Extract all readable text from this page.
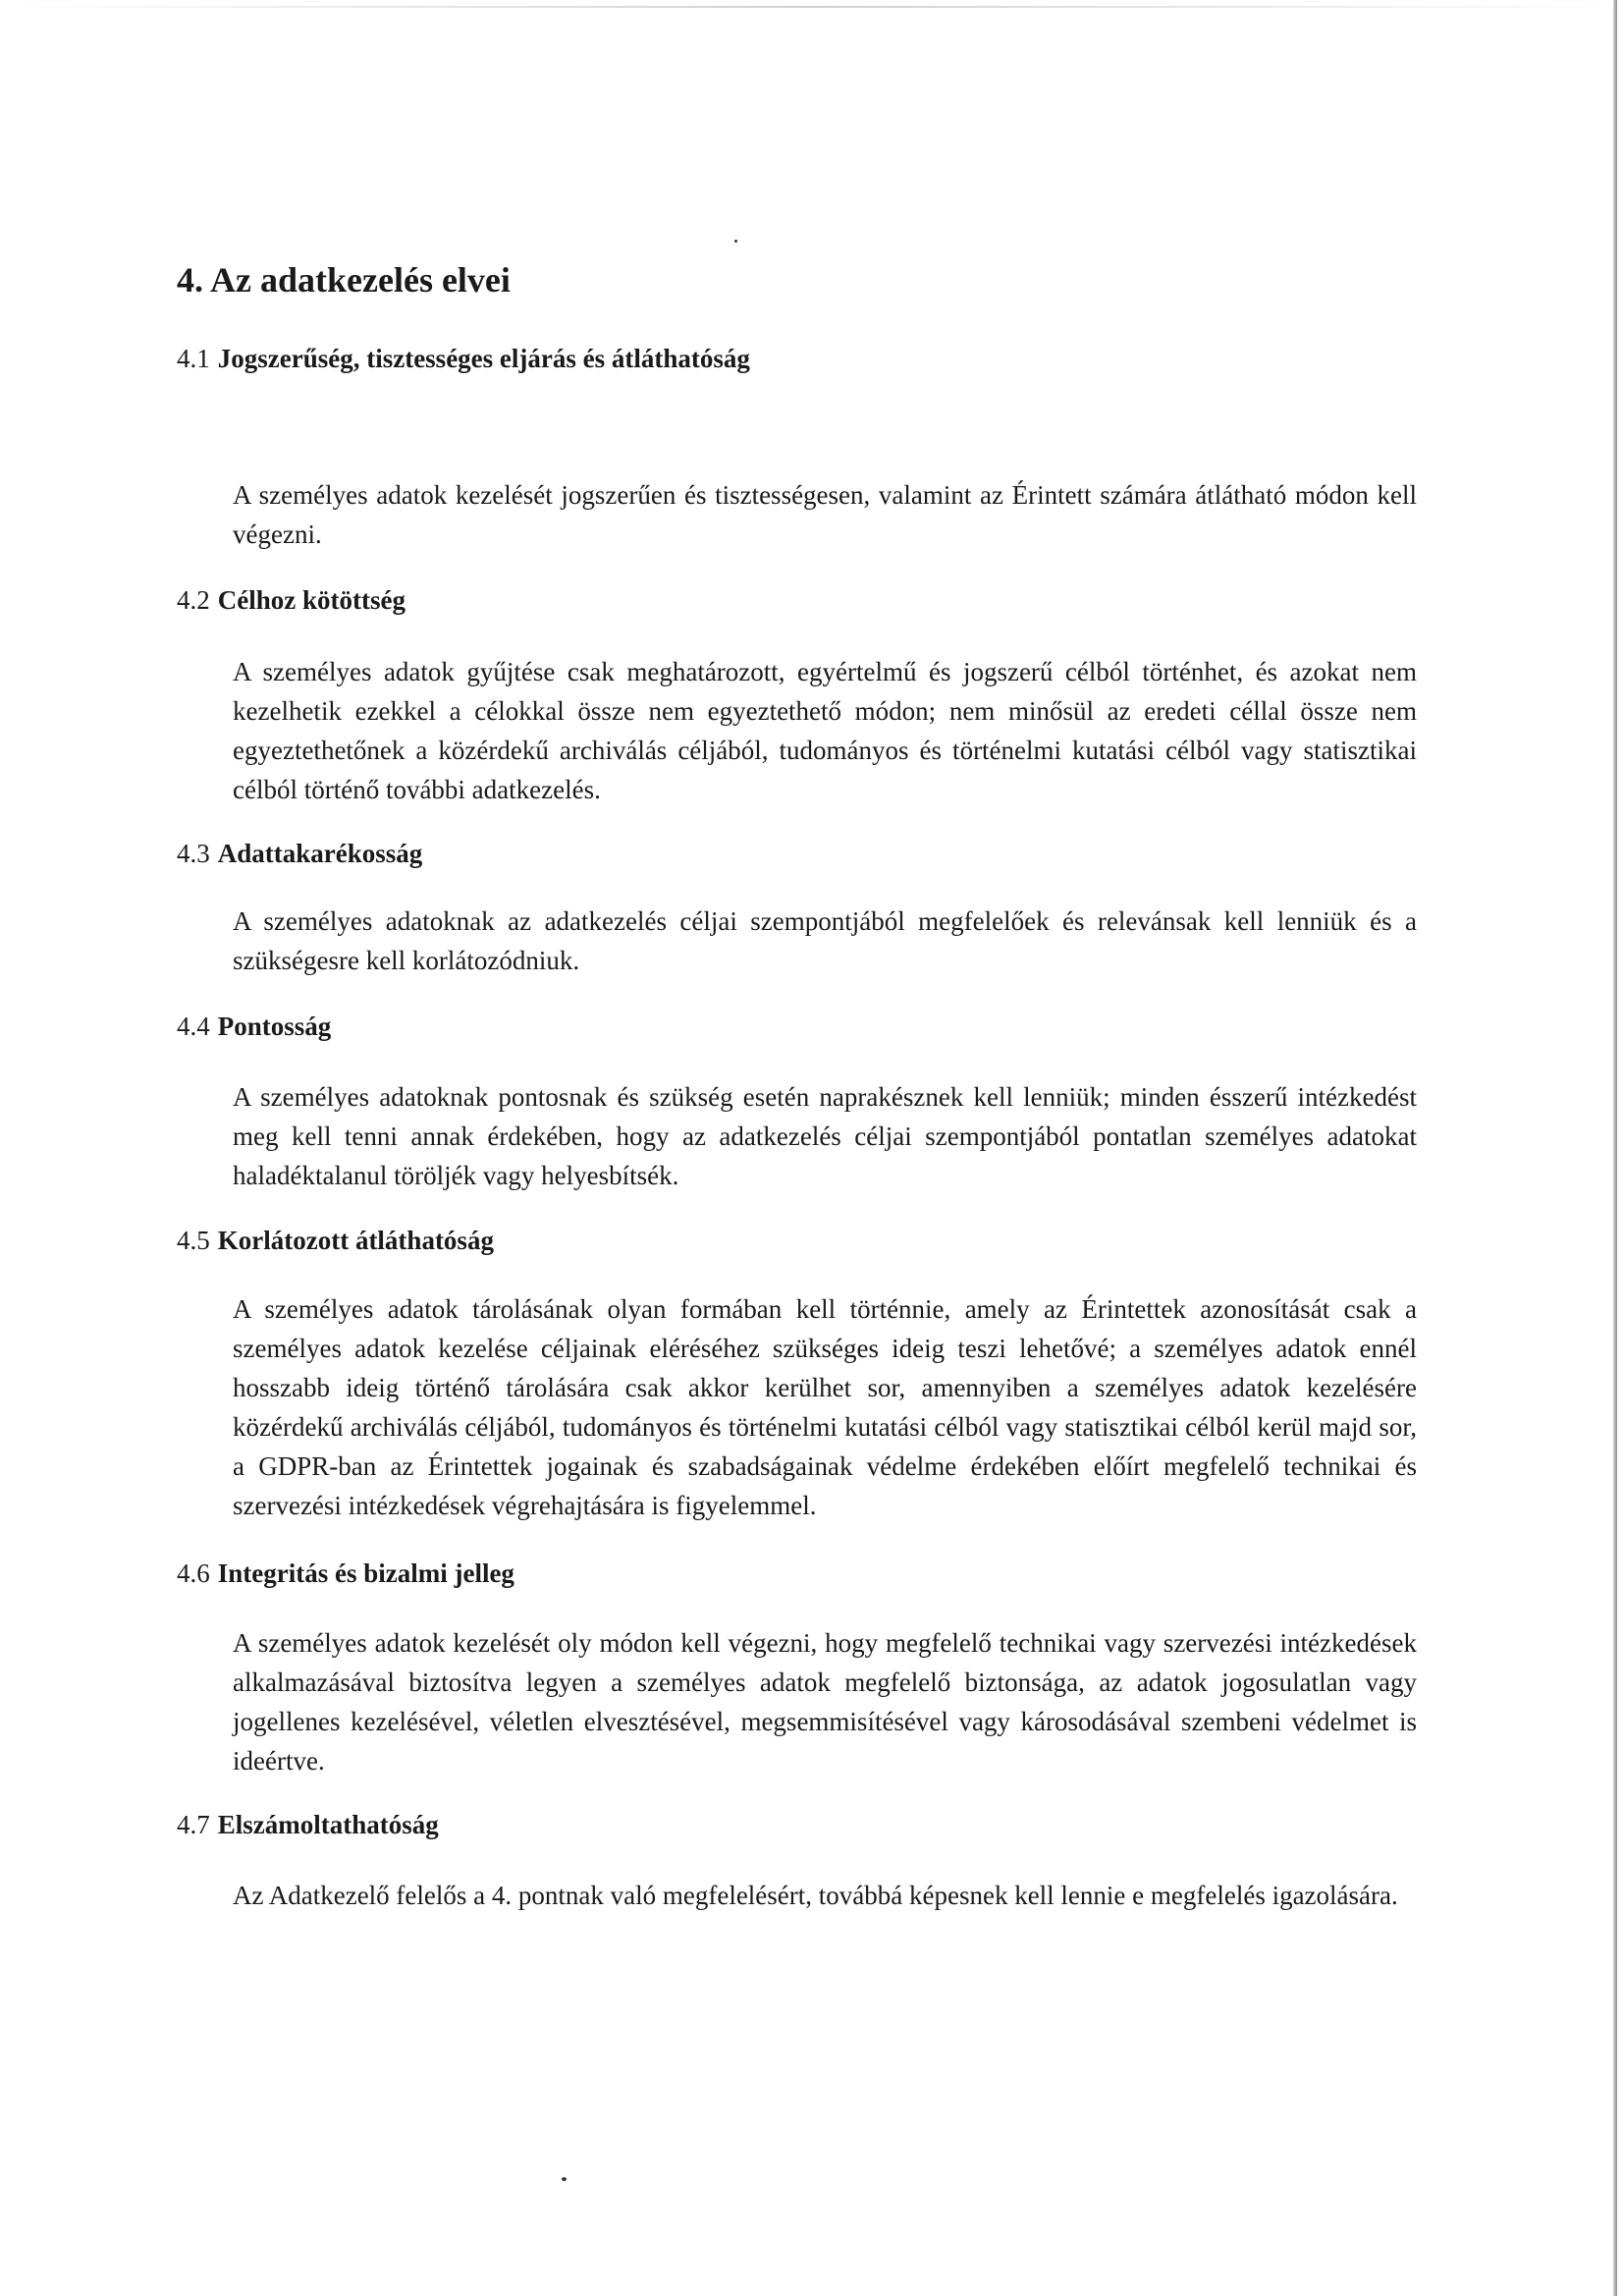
4. Az adatkezelés elvei
4.1 Jogszerűség, tisztességes eljárás és átláthatóság

A személyes adatok kezelését jogszerűen és tisztességesen, valamint az Érintett számára átlátható módon kell végezni.

4.2 Célhoz kötöttség

A személyes adatok gyűjtése csak meghatározott, egyértelmű és jogszerű célból történhet, és azokat nem kezelhetik ezekkel a célokkal össze nem egyeztethető módon; nem minősül az eredeti céllal össze nem egyeztethetőnek a közérdekű archiválás céljából, tudományos és történelmi kutatási célból vagy statisztikai célból történő további adatkezelés.

4.3 Adattakarékosság

A személyes adatoknak az adatkezelés céljai szempontjából megfelelőek és relevánsak kell lenniük és a szükségesre kell korlátozódniuk.

4.4 Pontosság

A személyes adatoknak pontosnak és szükség esetén naprakésznek kell lenniük; minden ésszerű intézkedést meg kell tenni annak érdekében, hogy az adatkezelés céljai szempontjából pontatlan személyes adatokat haladéktalanul töröljék vagy helyesbítsék.

4.5 Korlátozott átláthatóság

A személyes adatok tárolásának olyan formában kell történnie, amely az Érintettek azonosítását csak a személyes adatok kezelése céljainak eléréséhez szükséges ideig teszi lehetővé; a személyes adatok ennél hosszabb ideig történő tárolására csak akkor kerülhet sor, amennyiben a személyes adatok kezelésére közérdekű archiválás céljából, tudományos és történelmi kutatási célból vagy statisztikai célból kerül majd sor, a GDPR-ban az Érintettek jogainak és szabadságainak védelme érdekében előírt megfelelő technikai és szervezési intézkedések végrehajtására is figyelemmel.

4.6 Integritás és bizalmi jelleg

A személyes adatok kezelését oly módon kell végezni, hogy megfelelő technikai vagy szervezési intézkedések alkalmazásával biztosítva legyen a személyes adatok megfelelő biztonsága, az adatok jogosulatlan vagy jogellenes kezelésével, véletlen elvesztésével, megsemmisítésével vagy károsodásával szembeni védelmet is ideértve.

4.7 Elszámoltathatóság

Az Adatkezelő felelős a 4. pontnak való megfelelésért, továbbá képesnek kell lennie e megfelelés igazolására.
